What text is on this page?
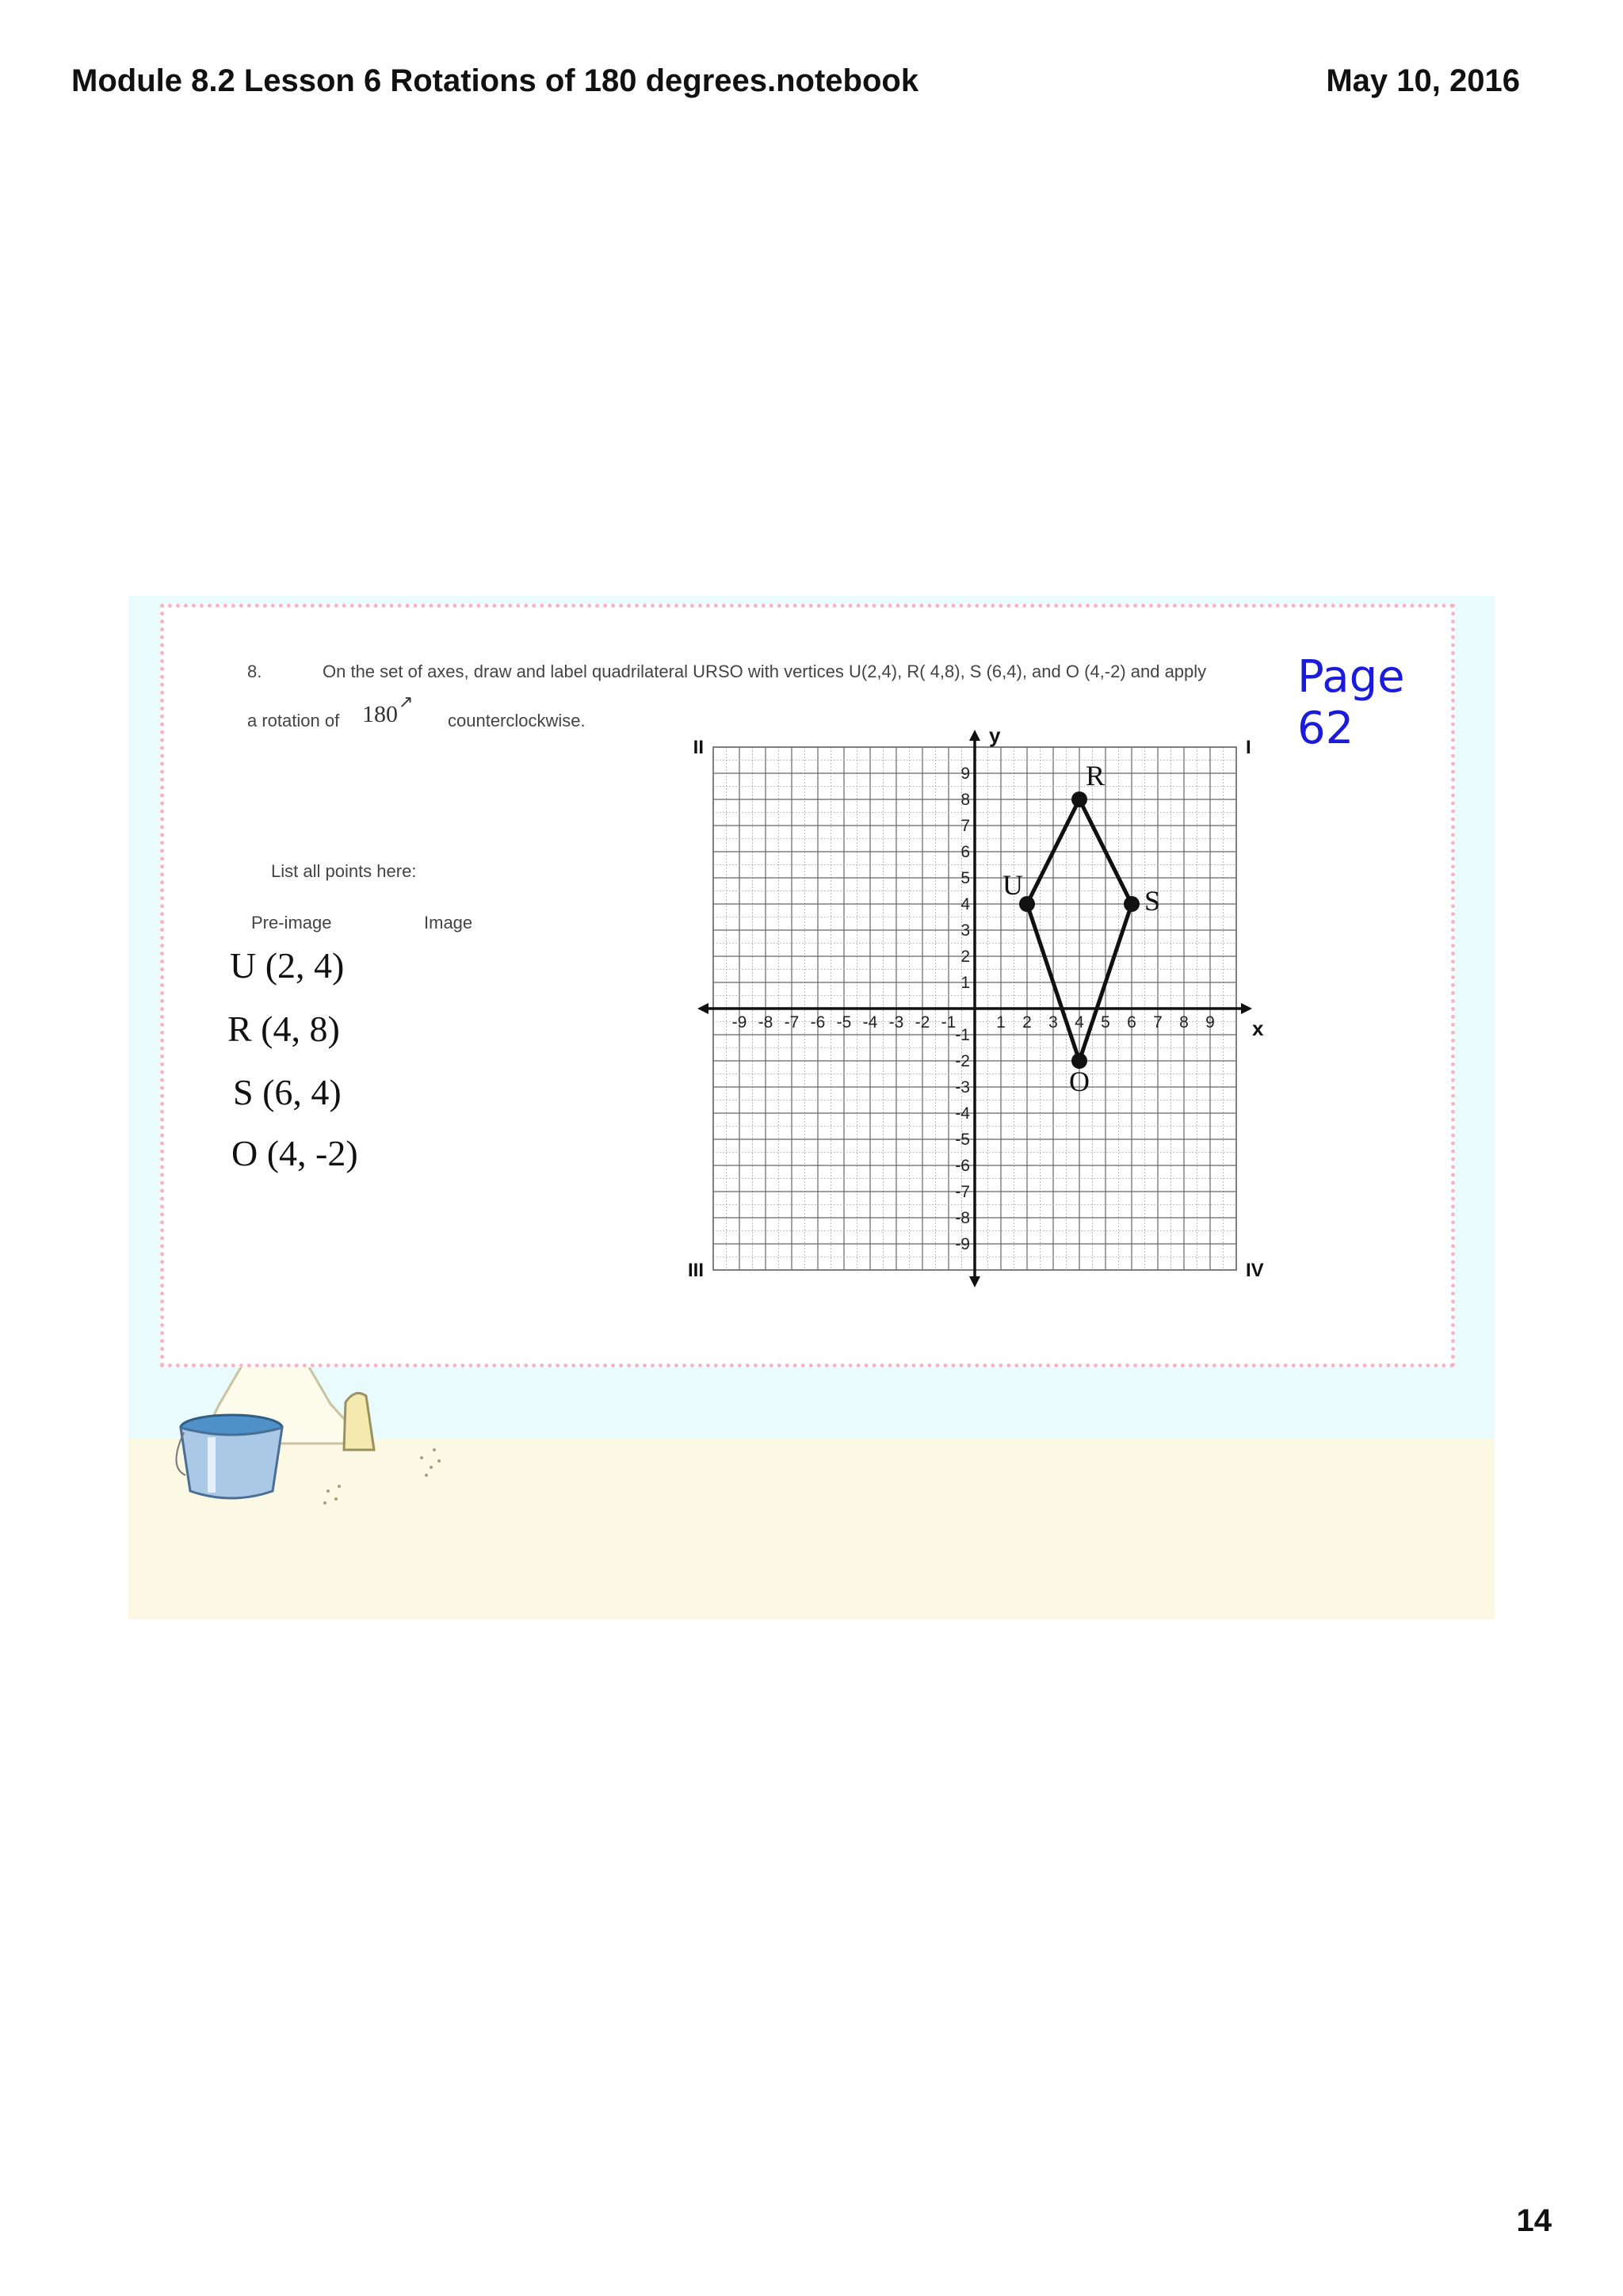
Module 8.2 Lesson 6 Rotations of 180 degrees.notebook	May 10, 2016
8.	On the set of axes, draw and label quadrilateral URSO with vertices U(2,4), R( 4,8), S (6,4), and O (4,-2) and apply
a rotation of 180 ↗
counterclockwise.
Page 62
List all points here:
Pre-image	Image
U (2, 4)
R (4, 8)
S (6, 4)
O (4, -2)
x
y
-9 -8 -7 -6 -5 -4 -3 -2 -1 1 2 3 4 5 6 7 8 9
9
8
7
6
5
4
3
2
1
-1
-2
-3
-4
-5
-6
-7
-8
-9
I
II
III	IV
U
R
S
O
14
